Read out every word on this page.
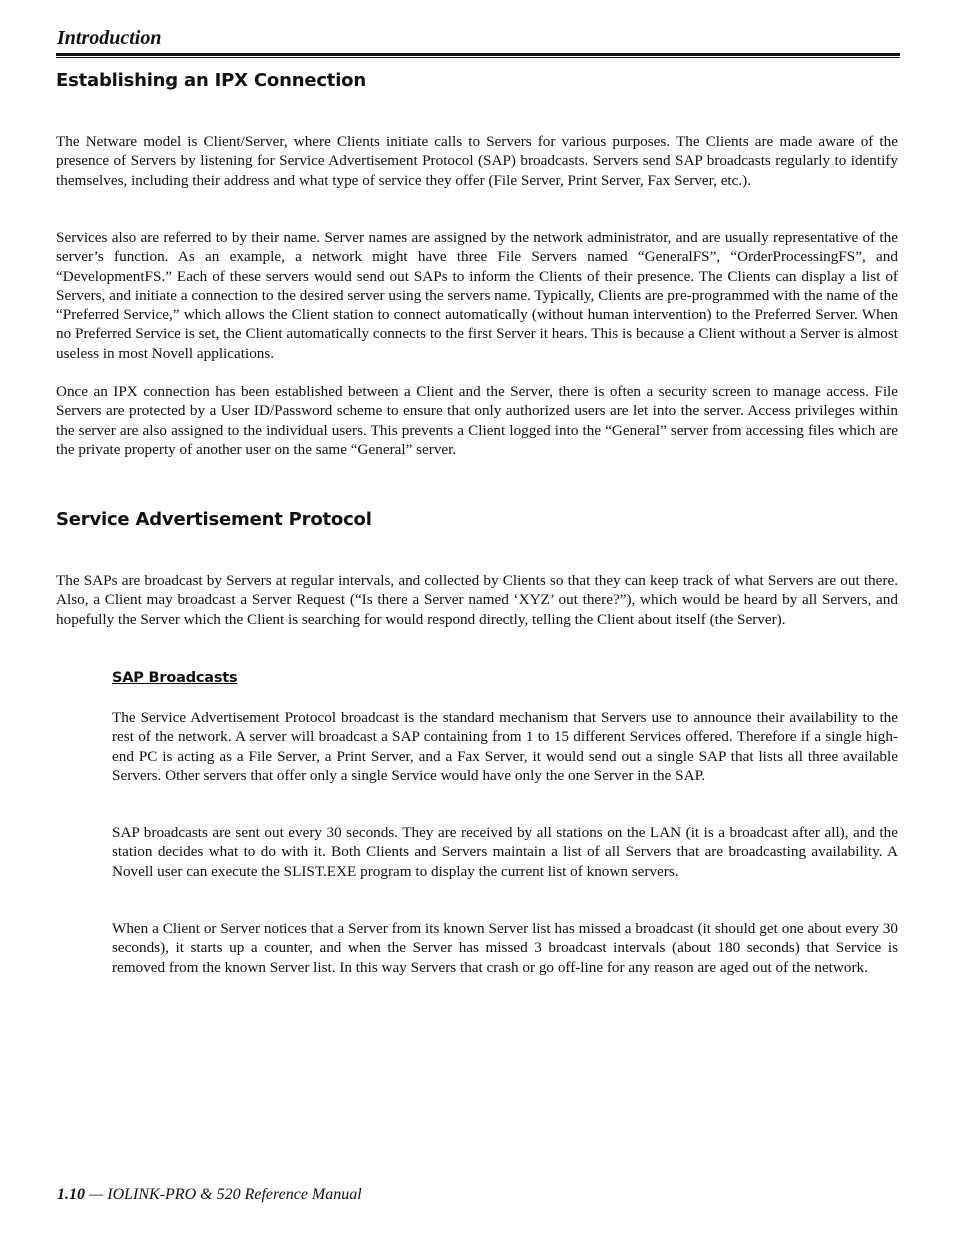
Introduction
Establishing an IPX Connection

The Netware model is Client/Server, where Clients initiate calls to Servers for various purposes. The Clients are made aware of the presence of Servers by listening for Service Advertisement Protocol (SAP) broadcasts. Servers send SAP broadcasts regularly to identify themselves, including their address and what type of service they offer (File Server, Print Server, Fax Server, etc.).

Services also are referred to by their name. Server names are assigned by the network administrator, and are usually representative of the server’s function. As an example, a network might have three File Servers named “GeneralFS”, “OrderProcessingFS”, and “DevelopmentFS.” Each of these servers would send out SAPs to inform the Clients of their presence. The Clients can display a list of Servers, and initiate a connection to the desired server using the servers name. Typically, Clients are pre-programmed with the name of the “Preferred Service,” which allows the Client station to connect automatically (without human intervention) to the Preferred Server. When no Preferred Service is set, the Client automatically connects to the first Server it hears. This is because a Client without a Server is almost useless in most Novell applications.

Once an IPX connection has been established between a Client and the Server, there is often a security screen to manage access. File Servers are protected by a User ID/Password scheme to ensure that only authorized users are let into the server. Access privileges within the server are also assigned to the individual users. This prevents a Client logged into the “General” server from accessing files which are the private property of another user on the same “General” server.

Service Advertisement Protocol

The SAPs are broadcast by Servers at regular intervals, and collected by Clients so that they can keep track of what Servers are out there. Also, a Client may broadcast a Server Request (“Is there a Server named ‘XYZ’ out there?”), which would be heard by all Servers, and hopefully the Server which the Client is searching for would respond directly, telling the Client about itself (the Server).

SAP Broadcasts

The Service Advertisement Protocol broadcast is the standard mechanism that Servers use to announce their availability to the rest of the network. A server will broadcast a SAP containing from 1 to 15 different Services offered. Therefore if a single high-end PC is acting as a File Server, a Print Server, and a Fax Server, it would send out a single SAP that lists all three available Servers. Other servers that offer only a single Service would have only the one Server in the SAP.

SAP broadcasts are sent out every 30 seconds. They are received by all stations on the LAN (it is a broadcast after all), and the station decides what to do with it. Both Clients and Servers maintain a list of all Servers that are broadcasting availability. A Novell user can execute the SLIST.EXE program to display the current list of known servers.

When a Client or Server notices that a Server from its known Server list has missed a broadcast (it should get one about every 30 seconds), it starts up a counter, and when the Server has missed 3 broadcast intervals (about 180 seconds) that Service is removed from the known Server list. In this way Servers that crash or go off-line for any reason are aged out of the network.

1.10 — IOLINK-PRO & 520 Reference Manual
